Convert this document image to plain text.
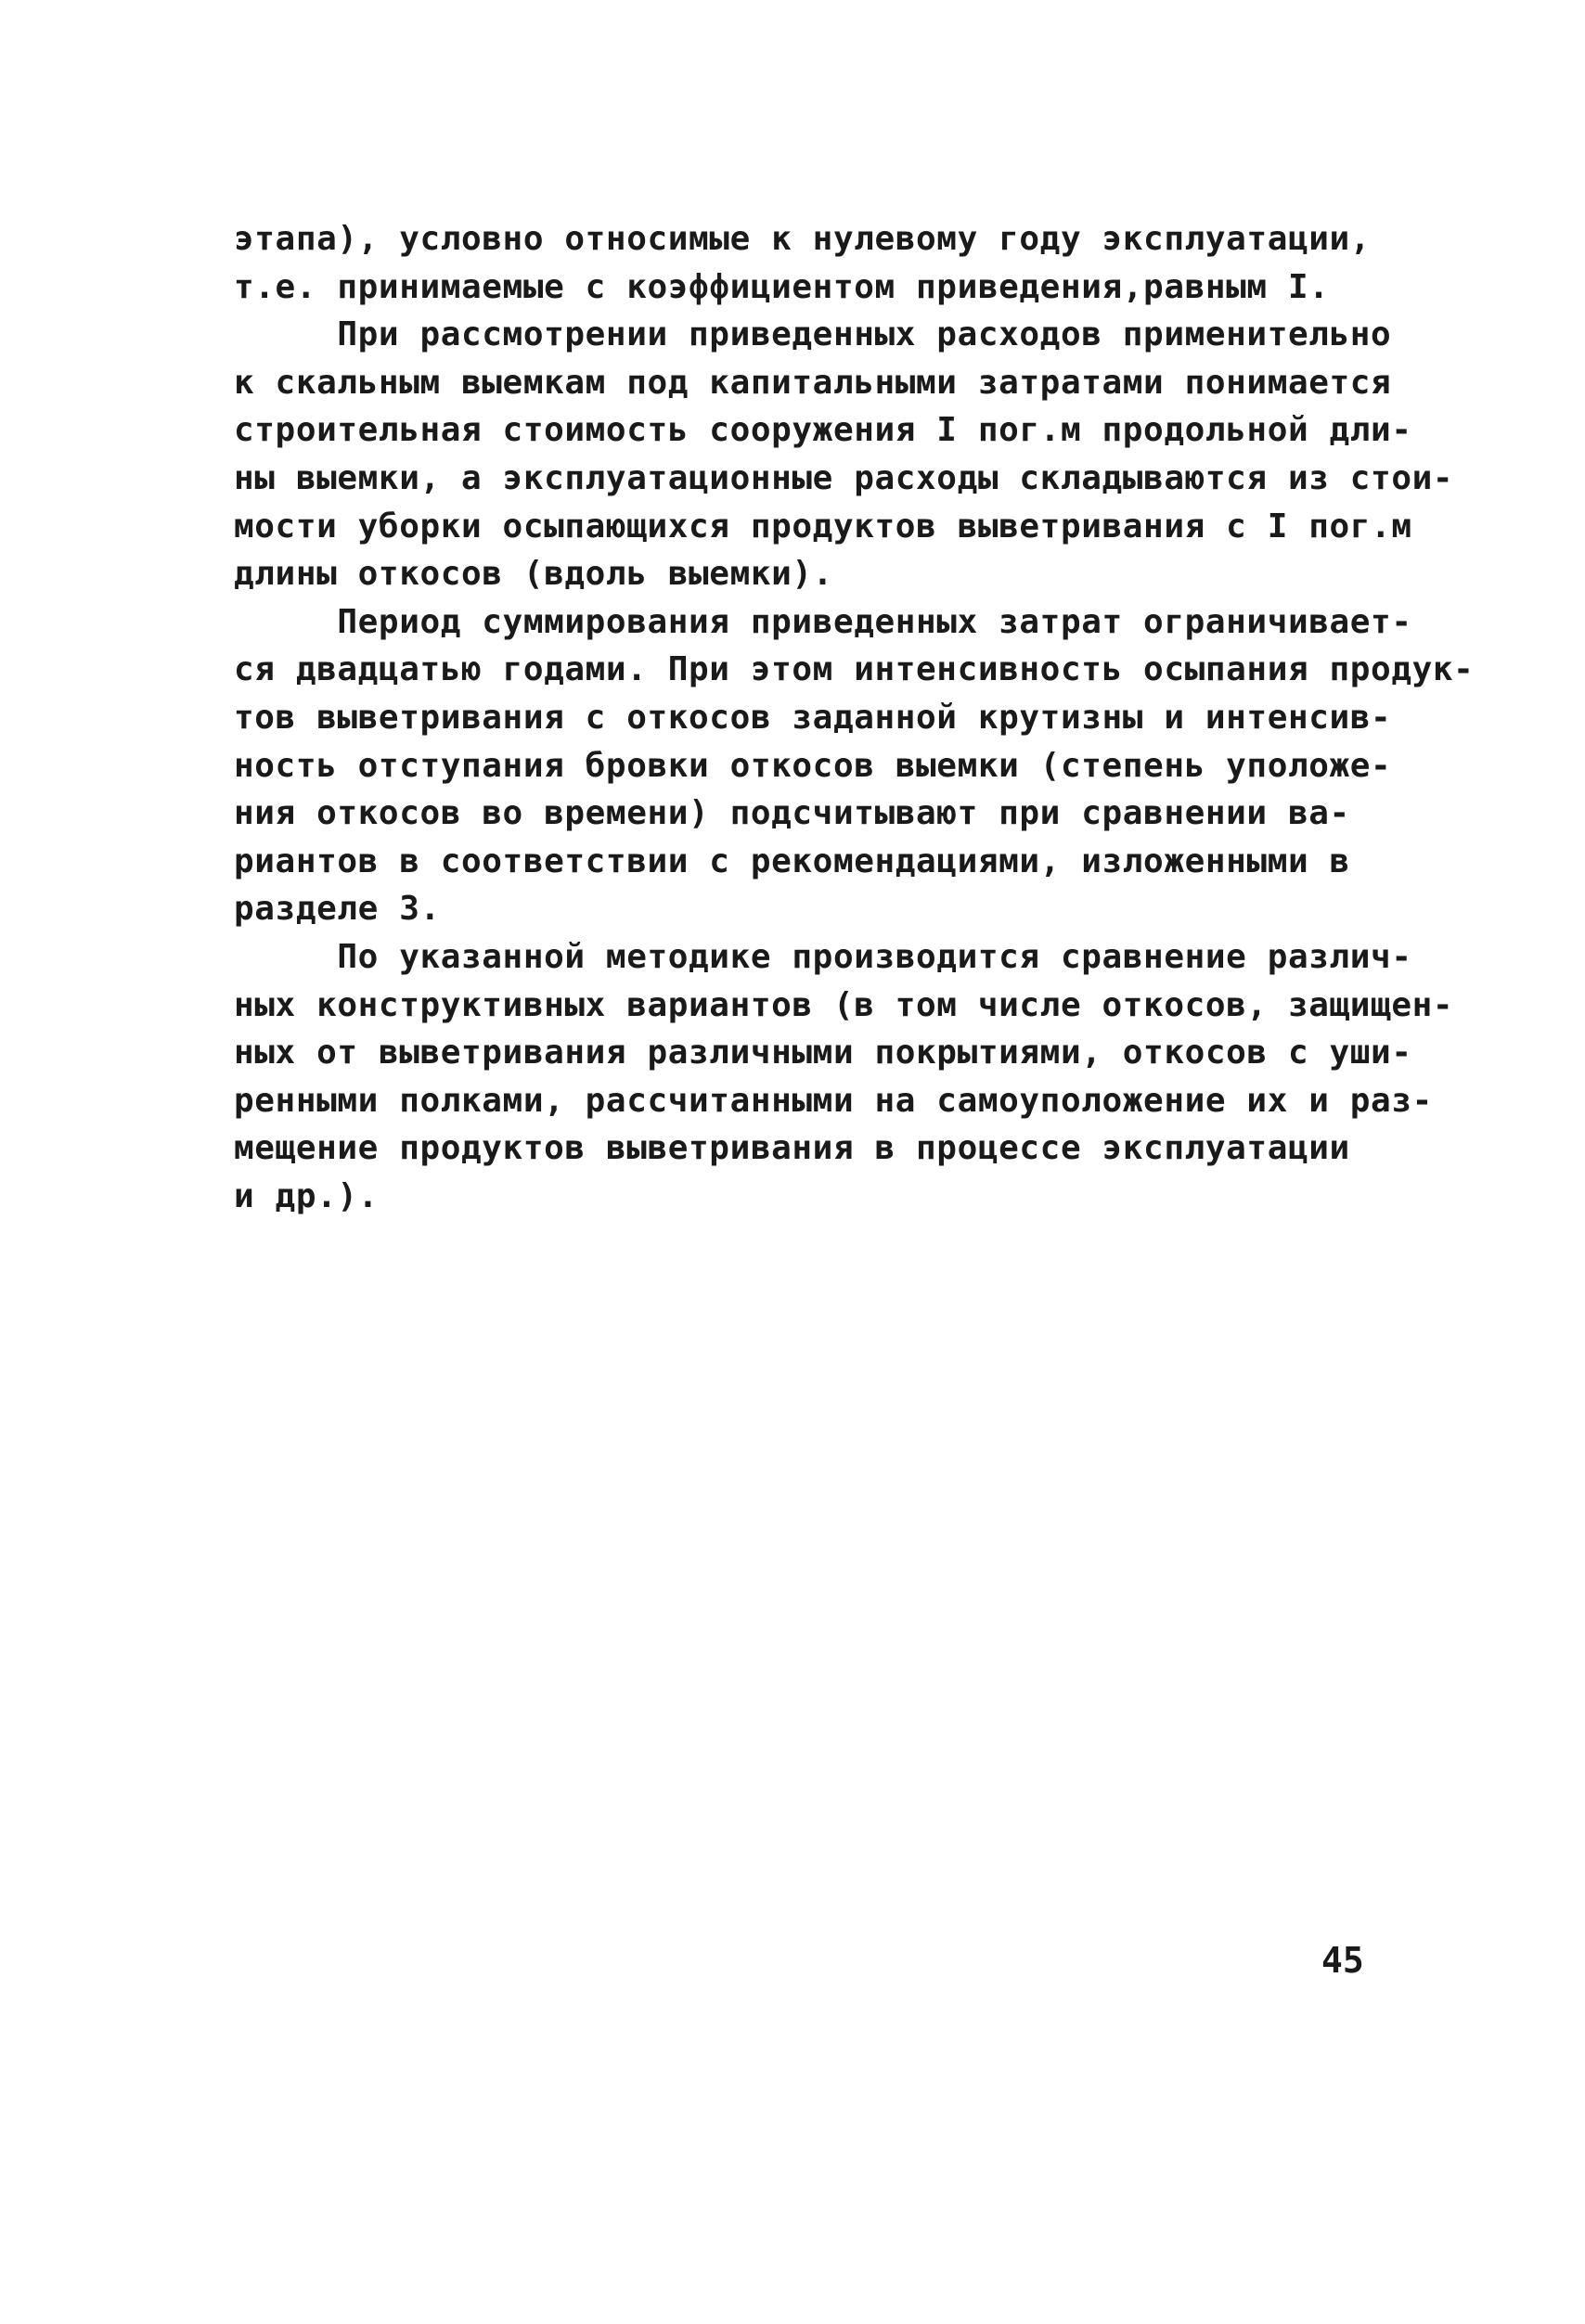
этапа), условно относимые к нулевому году эксплуатации,
т.е. принимаемые с коэффициентом приведения,равным I.
При рассмотрении приведенных расходов применительно
к скальным выемкам под капитальными затратами понимается
строительная стоимость сооружения I пог.м продольной дли-
ны выемки, а эксплуатационные расходы складываются из стои-
мости уборки осыпающихся продуктов выветривания с I пог.м
длины откосов (вдоль выемки).
Период суммирования приведенных затрат ограничивает-
ся двадцатью годами. При этом интенсивность осыпания продук-
тов выветривания с откосов заданной крутизны и интенсив-
ность отступания бровки откосов выемки (степень уположе-
ния откосов во времени) подсчитывают при сравнении ва-
риантов в соответствии с рекомендациями, изложенными в
разделе 3.
По указанной методике производится сравнение различ-
ных конструктивных вариантов (в том числе откосов, защищен-
ных от выветривания различными покрытиями, откосов с уши-
ренными полками, рассчитанными на самоуположение их и раз-
мещение продуктов выветривания в процессе эксплуатации
и др.).
45
